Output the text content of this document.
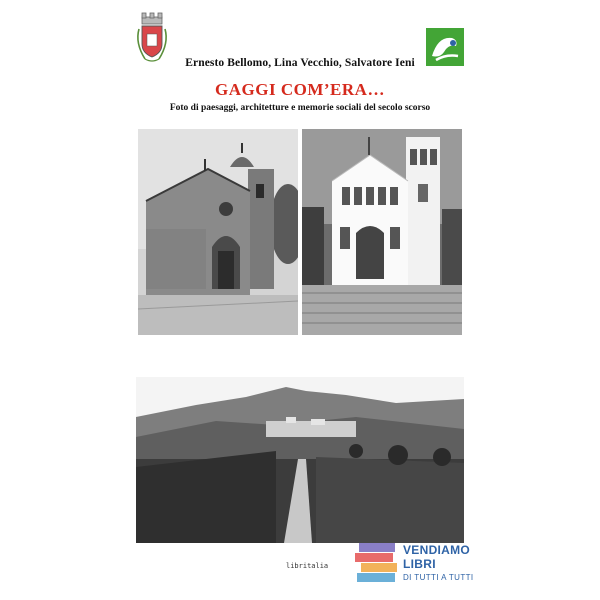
Ernesto Bellomo, Lina Vecchio, Salvatore Ieni
GAGGI COM’ERA…
Foto di paesaggi, architetture e memorie sociali del secolo scorso
libritalia
VENDIAMO
LIBRI
DI TUTTI A TUTTI
